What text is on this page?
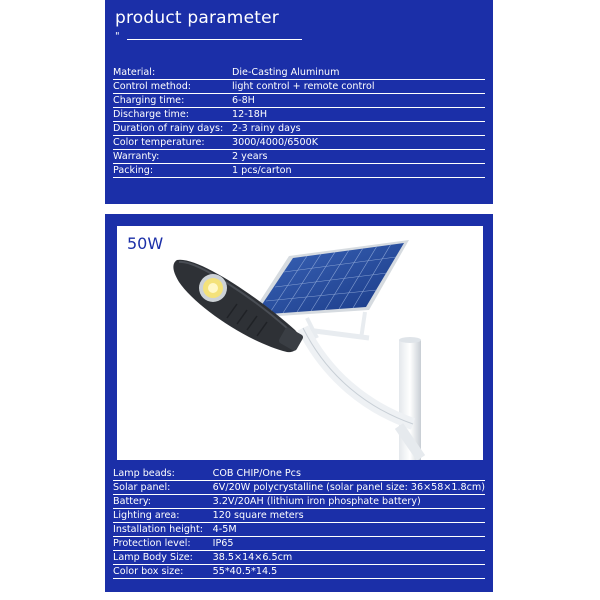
product parameter
"
Material:	Die-Casting Aluminum
Control method:	light control + remote control
Charging time:	6-8H
Discharge time:	12-18H
Duration of rainy days:	2-3 rainy days
Color temperature:	3000/4000/6500K
Warranty:	2 years
Packing:	1 pcs/carton
50W
Lamp beads:	COB CHIP/One Pcs
Solar panel:	6V/20W polycrystalline (solar panel size: 36×58×1.8cm)
Battery:	3.2V/20AH (lithium iron phosphate battery)
Lighting area:	120 square meters
Installation height:	4-5M
Protection level:	IP65
Lamp Body Size:	38.5×14×6.5cm
Color box size:	55*40.5*14.5
